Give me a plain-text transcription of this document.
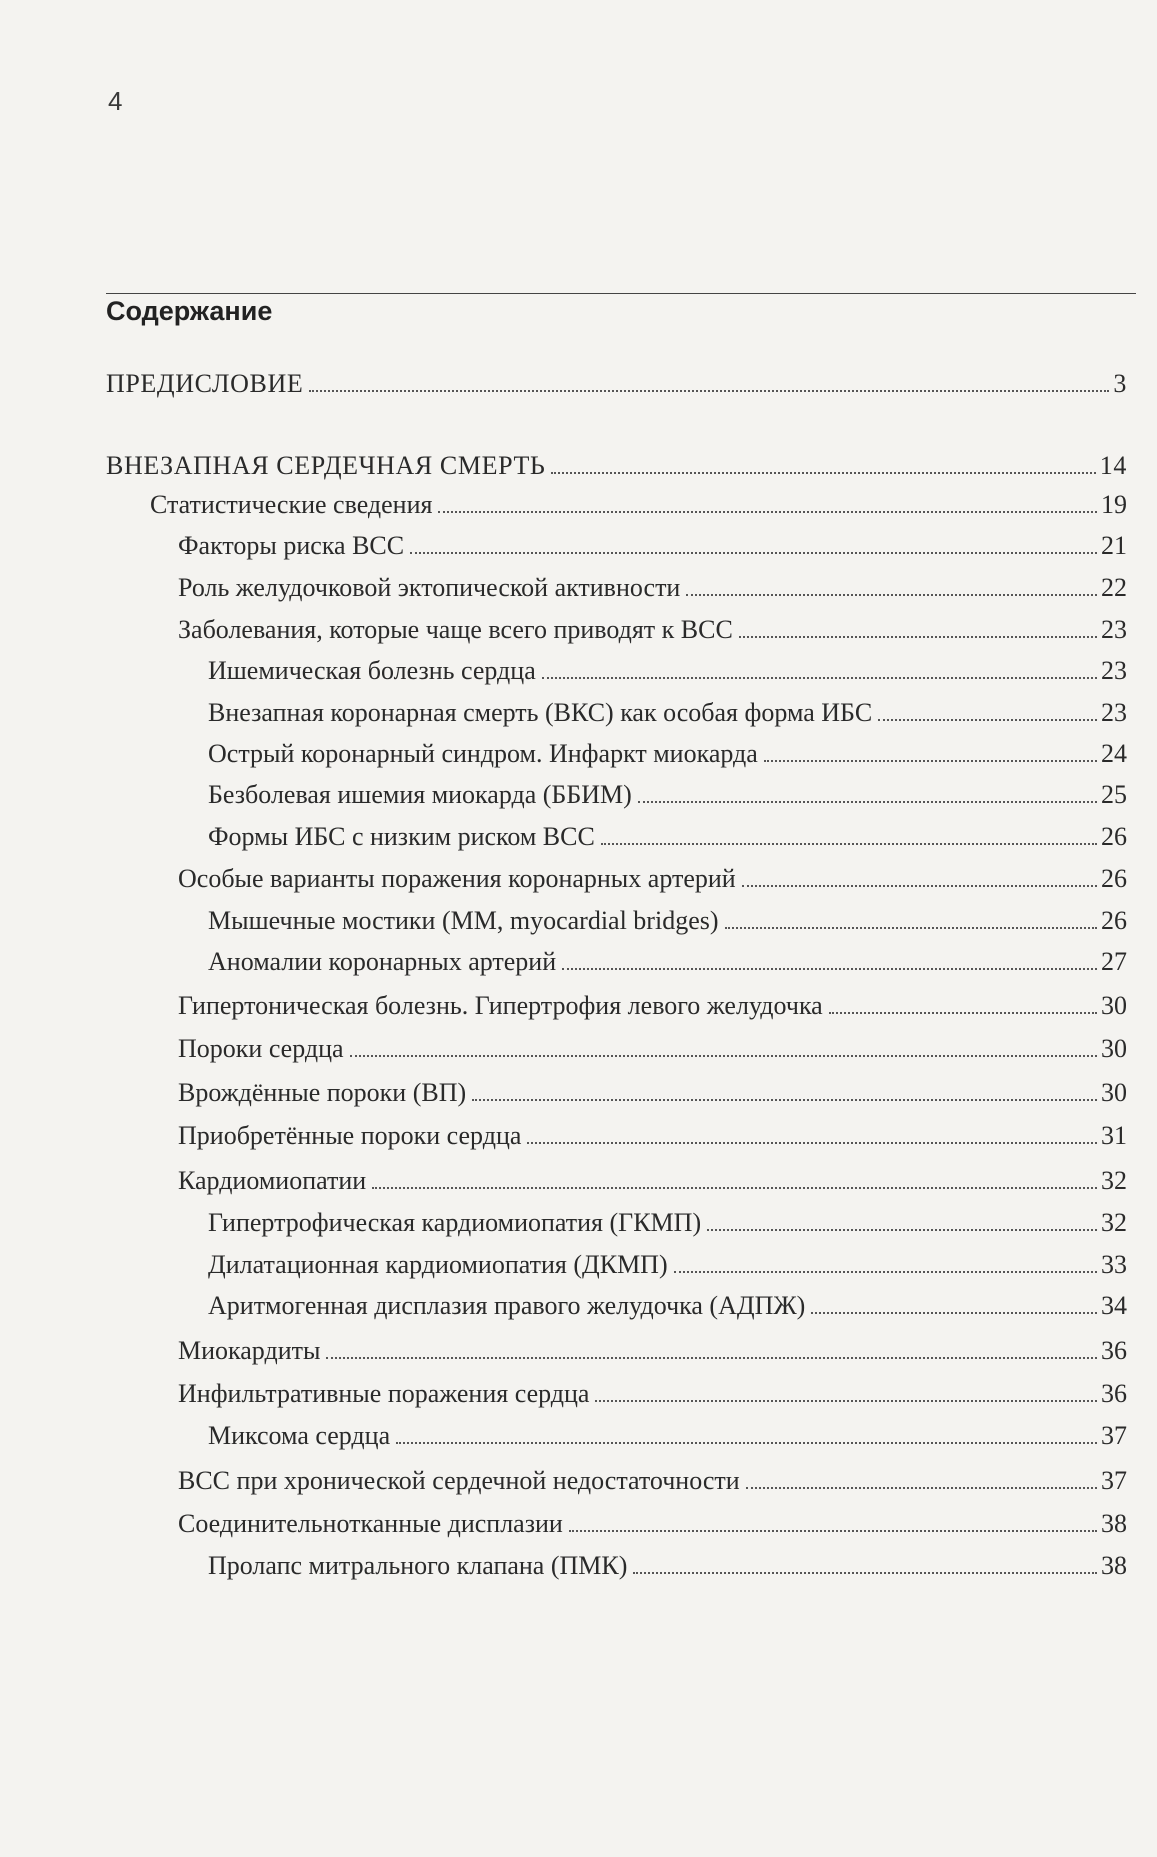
4
Содержание
ПРЕДИСЛОВИЕ	3
ВНЕЗАПНАЯ СЕРДЕЧНАЯ СМЕРТЬ	14
Статистические сведения	19
Факторы риска ВСС	21
Роль желудочковой эктопической активности	22
Заболевания, которые чаще всего приводят к ВСС	23
Ишемическая болезнь сердца	23
Внезапная коронарная смерть (ВКС) как особая форма ИБС	23
Острый коронарный синдром. Инфаркт миокарда	24
Безболевая ишемия миокарда (ББИМ)	25
Формы ИБС с низким риском ВСС	26
Особые варианты поражения коронарных артерий	26
Мышечные мостики (ММ, myocardial bridges)	26
Аномалии коронарных артерий	27
Гипертоническая болезнь. Гипертрофия левого желудочка	30
Пороки сердца	30
Врождённые пороки (ВП)	30
Приобретённые пороки сердца	31
Кардиомиопатии	32
Гипертрофическая кардиомиопатия (ГКМП)	32
Дилатационная кардиомиопатия (ДКМП)	33
Аритмогенная дисплазия правого желудочка (АДПЖ)	34
Миокардиты	36
Инфильтративные поражения сердца	36
Миксома сердца	37
ВСС при хронической сердечной недостаточности	37
Соединительнотканные дисплазии	38
Пролапс митрального клапана (ПМК)	38
